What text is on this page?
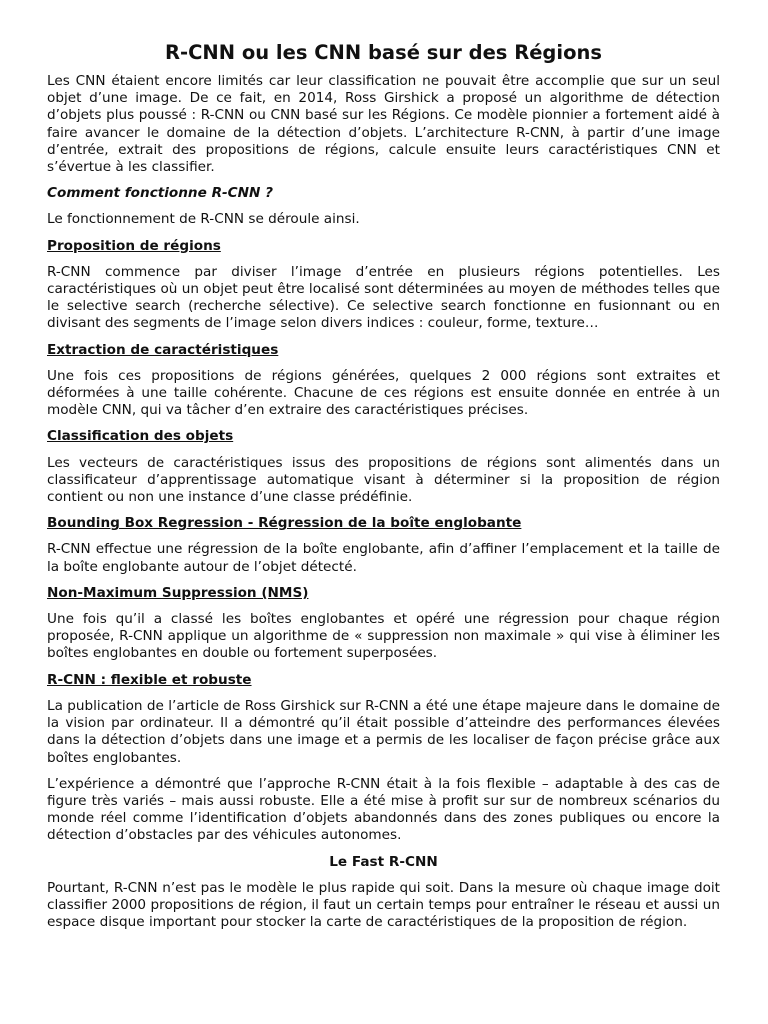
R-CNN ou les CNN basé sur des Régions

Les CNN étaient encore limités car leur classification ne pouvait être accomplie que sur un seul objet d’une image. De ce fait, en 2014, Ross Girshick a proposé un algorithme de détection d’objets plus poussé : R-CNN ou CNN basé sur les Régions. Ce modèle pionnier a fortement aidé à faire avancer le domaine de la détection d’objets. L’architecture R-CNN, à partir d’une image d’entrée, extrait des propositions de régions, calcule ensuite leurs caractéristiques CNN et s’évertue à les classifier.

Comment fonctionne R-CNN ?

Le fonctionnement de R-CNN se déroule ainsi.

Proposition de régions

R-CNN commence par diviser l’image d’entrée en plusieurs régions potentielles. Les caractéristiques où un objet peut être localisé sont déterminées au moyen de méthodes telles que le selective search (recherche sélective). Ce selective search fonctionne en fusionnant ou en divisant des segments de l’image selon divers indices : couleur, forme, texture…

Extraction de caractéristiques

Une fois ces propositions de régions générées, quelques 2 000 régions sont extraites et déformées à une taille cohérente. Chacune de ces régions est ensuite donnée en entrée à un modèle CNN, qui va tâcher d’en extraire des caractéristiques précises.

Classification des objets

Les vecteurs de caractéristiques issus des propositions de régions sont alimentés dans un classificateur d’apprentissage automatique visant à déterminer si la proposition de région contient ou non une instance d’une classe prédéfinie.

Bounding Box Regression - Régression de la boîte englobante

R-CNN effectue une régression de la boîte englobante, afin d’affiner l’emplacement et la taille de la boîte englobante autour de l’objet détecté.

Non-Maximum Suppression (NMS)

Une fois qu’il a classé les boîtes englobantes et opéré une régression pour chaque région proposée, R-CNN applique un algorithme de « suppression non maximale » qui vise à éliminer les boîtes englobantes en double ou fortement superposées.

R-CNN : flexible et robuste

La publication de l’article de Ross Girshick sur R-CNN a été une étape majeure dans le domaine de la vision par ordinateur. Il a démontré qu’il était possible d’atteindre des performances élevées dans la détection d’objets dans une image et a permis de les localiser de façon précise grâce aux boîtes englobantes.

L’expérience a démontré que l’approche R-CNN était à la fois flexible – adaptable à des cas de figure très variés – mais aussi robuste. Elle a été mise à profit sur sur de nombreux scénarios du monde réel comme l’identification d’objets abandonnés dans des zones publiques ou encore la détection d’obstacles par des véhicules autonomes.

Le Fast R-CNN

Pourtant, R-CNN n’est pas le modèle le plus rapide qui soit. Dans la mesure où chaque image doit classifier 2000 propositions de région, il faut un certain temps pour entraîner le réseau et aussi un espace disque important pour stocker la carte de caractéristiques de la proposition de région.
